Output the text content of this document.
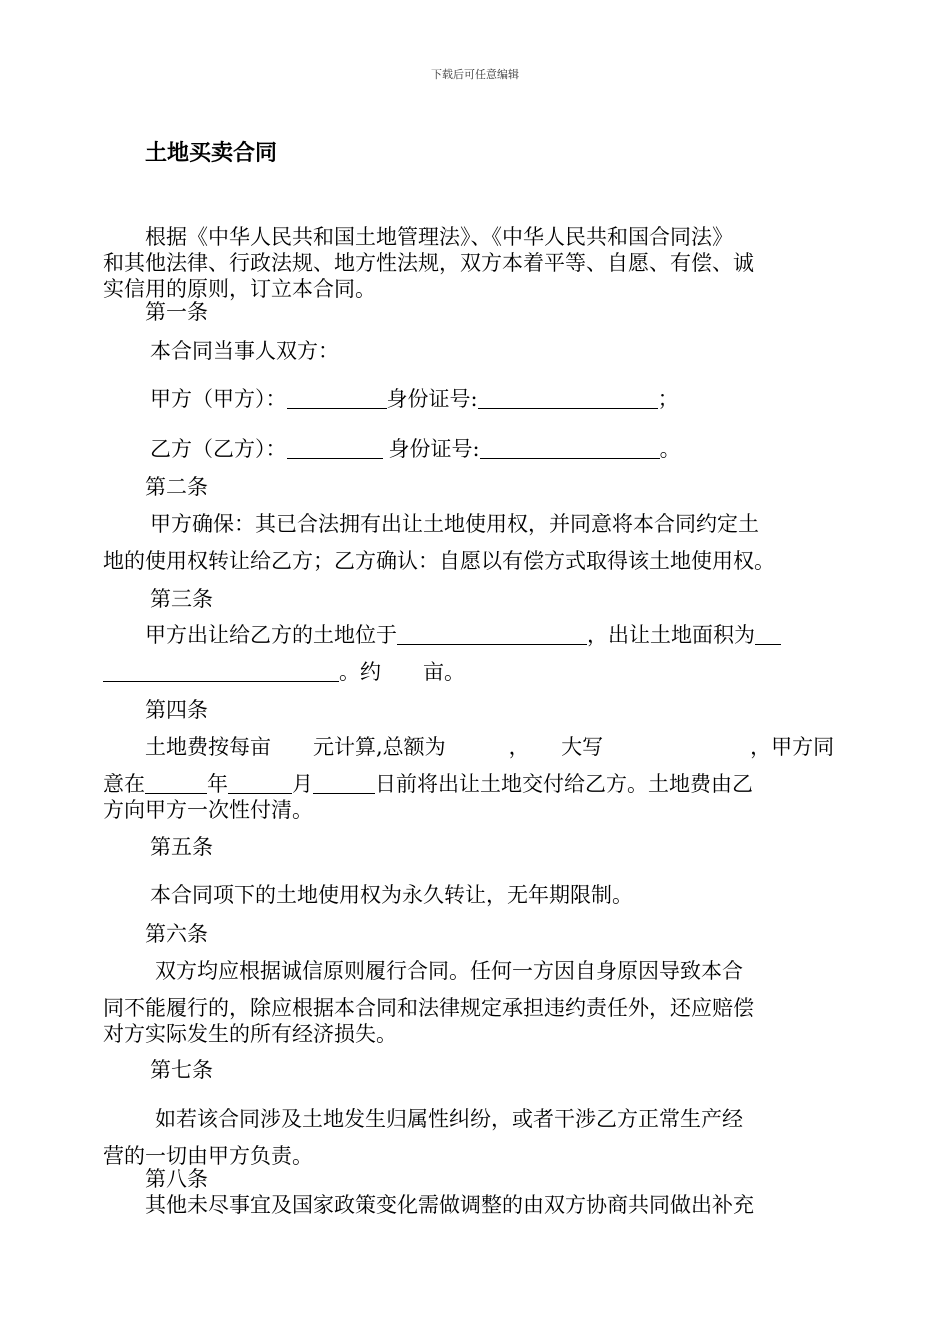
下载后可任意编辑
土地买卖合同
根据《中华人民共和国土地管理法》、《中华人民共和国合同法》
和其他法律、行政法规、地方性法规，双方本着平等、自愿、有偿、诚
实信用的原则，订立本合同。
第一条
本合同当事人双方：
甲方（甲方）：	身份证号:	；
乙方（乙方）：	身份证号:	。
第二条
甲方确保：其已合法拥有出让土地使用权，并同意将本合同约定土
地的使用权转让给乙方；乙方确认：自愿以有偿方式取得该土地使用权。
第三条
甲方出让给乙方的土地位于	，出让土地面积为
。约　　亩。
第四条
土地费按每亩　　元计算,总额为　　　，　　大写　　　　　　　，甲方同
意在	年	月	日前将出让土地交付给乙方。土地费由乙
方向甲方一次性付清。
第五条
本合同项下的土地使用权为永久转让，无年期限制。
第六条
双方均应根据诚信原则履行合同。任何一方因自身原因导致本合
同不能履行的，除应根据本合同和法律规定承担违约责任外，还应赔偿
对方实际发生的所有经济损失。
第七条
如若该合同涉及土地发生归属性纠纷，或者干涉乙方正常生产经
营的一切由甲方负责。
第八条
其他未尽事宜及国家政策变化需做调整的由双方协商共同做出补充
